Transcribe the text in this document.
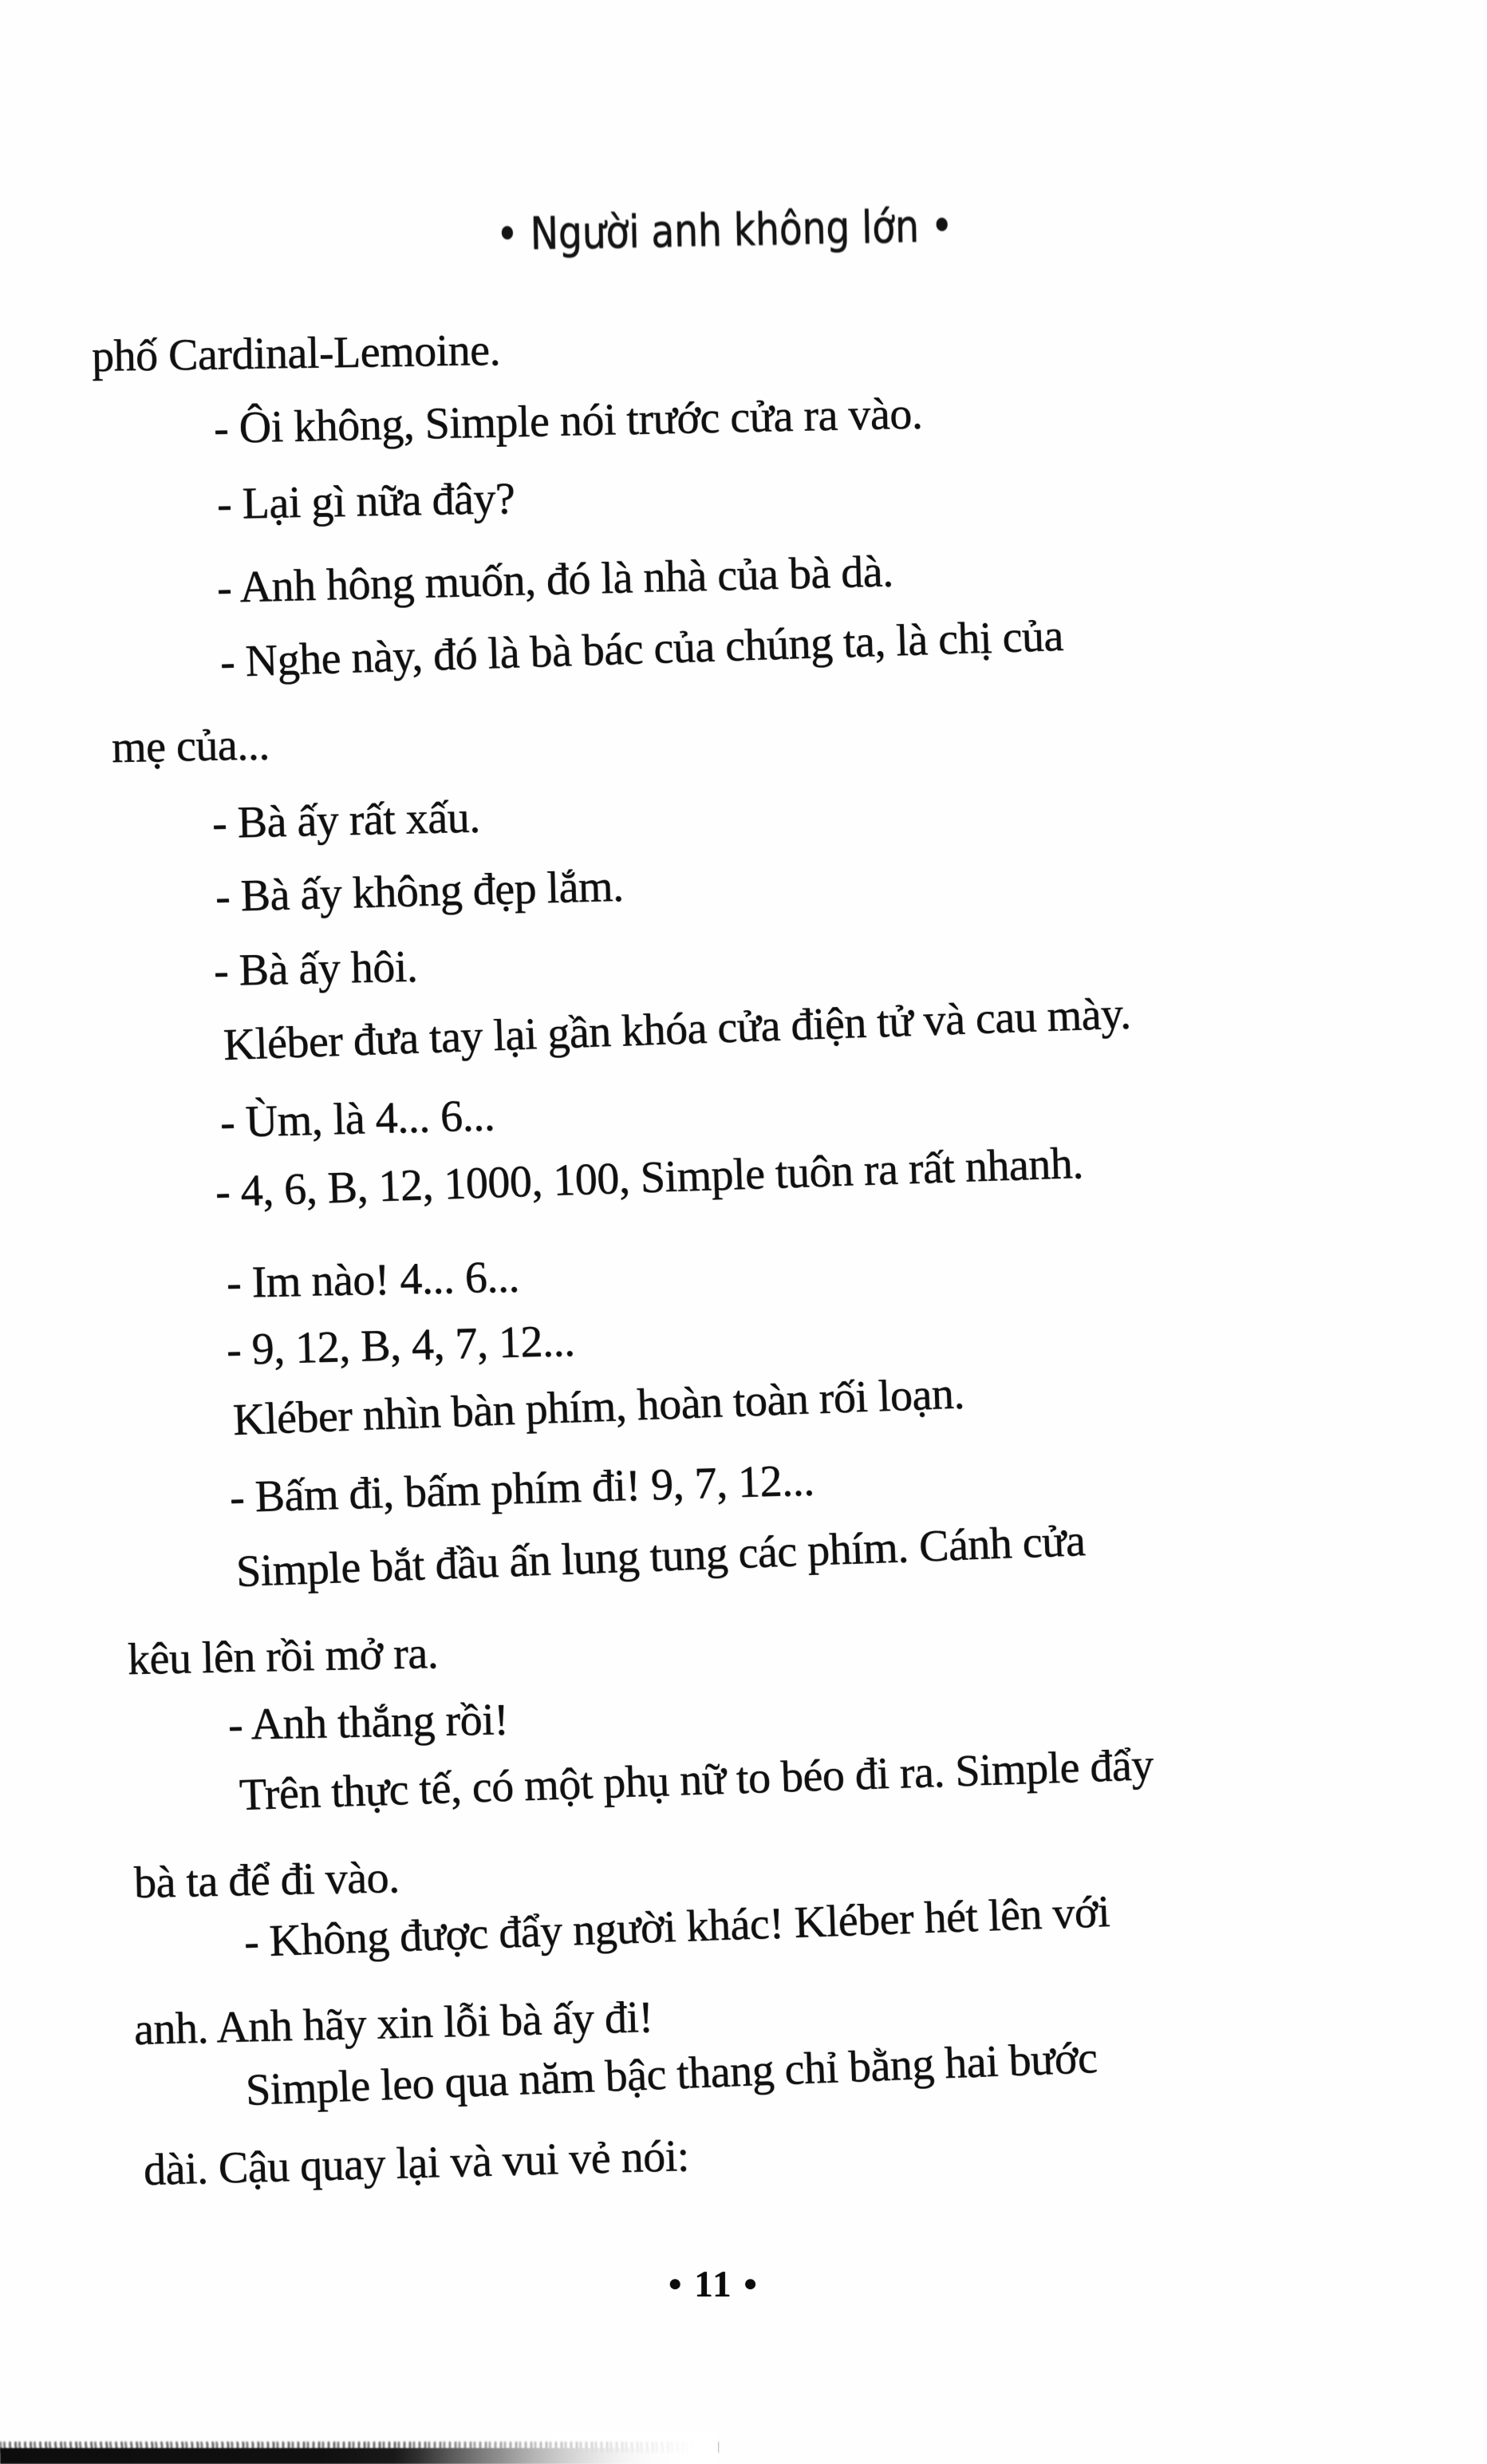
• Người anh không lớn •
phố Cardinal-Lemoine.
- Ôi không, Simple nói trước cửa ra vào.
- Lại gì nữa đây?
- Anh hông muốn, đó là nhà của bà dà.
- Nghe này, đó là bà bác của chúng ta, là chị của
mẹ của...
- Bà ấy rất xấu.
- Bà ấy không đẹp lắm.
- Bà ấy hôi.
Kléber đưa tay lại gần khóa cửa điện tử và cau mày.
- Ùm, là 4... 6...
- 4, 6, B, 12, 1000, 100, Simple tuôn ra rất nhanh.
- Im nào! 4... 6...
- 9, 12, B, 4, 7, 12...
Kléber nhìn bàn phím, hoàn toàn rối loạn.
- Bấm đi, bấm phím đi! 9, 7, 12...
Simple bắt đầu ấn lung tung các phím. Cánh cửa
kêu lên rồi mở ra.
- Anh thắng rồi!
Trên thực tế, có một phụ nữ to béo đi ra. Simple đẩy
bà ta để đi vào.
- Không được đẩy người khác! Kléber hét lên với
anh. Anh hãy xin lỗi bà ấy đi!
Simple leo qua năm bậc thang chỉ bằng hai bước
dài. Cậu quay lại và vui vẻ nói:
• 11 •
